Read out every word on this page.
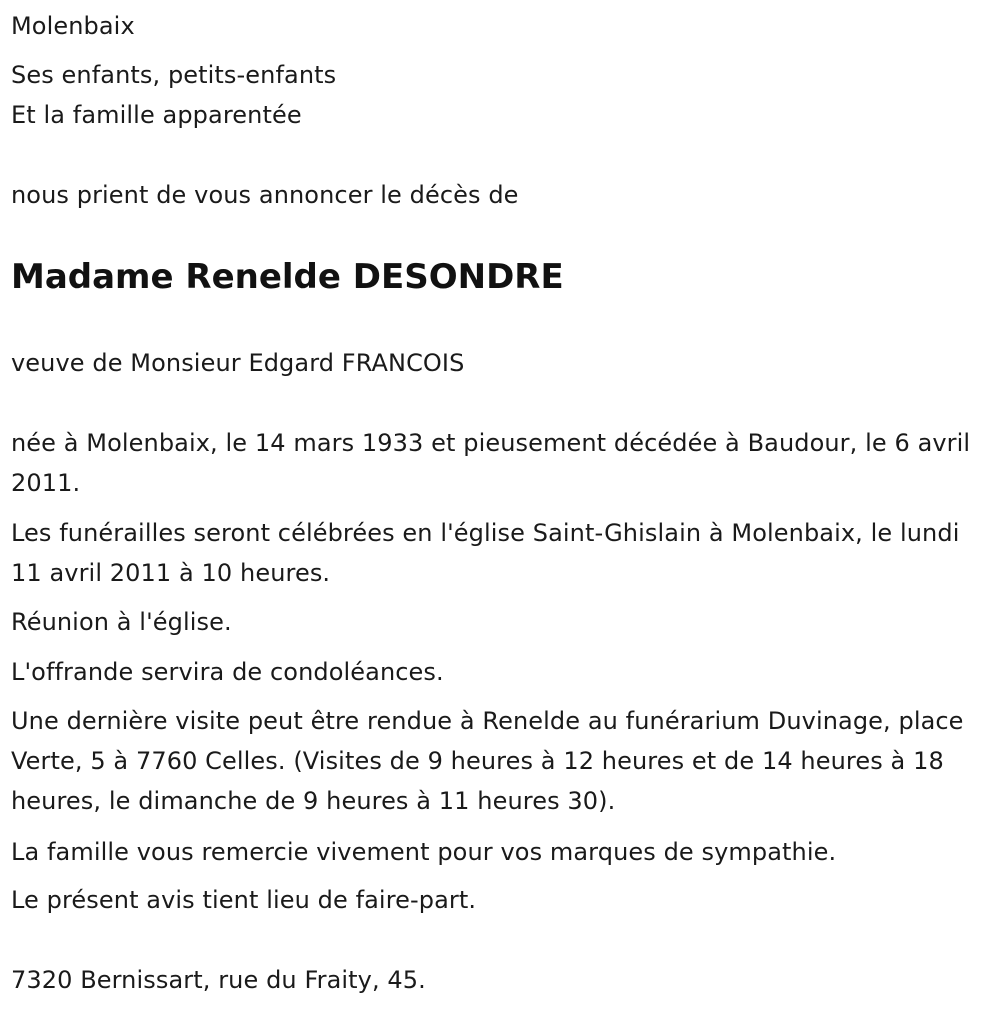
Molenbaix

Ses enfants, petits-enfants

Et la famille apparentée

nous prient de vous annoncer le décès de

Madame Renelde DESONDRE

veuve de Monsieur Edgard FRANCOIS

née à Molenbaix, le 14 mars 1933 et pieusement décédée à Baudour, le 6 avril 2011.

Les funérailles seront célébrées en l'église Saint-Ghislain à Molenbaix, le lundi 11 avril 2011 à 10 heures.

Réunion à l'église.

L'offrande servira de condoléances.

Une dernière visite peut être rendue à Renelde au funérarium Duvinage, place Verte, 5 à 7760 Celles. (Visites de 9 heures à 12 heures et de 14 heures à 18 heures, le dimanche de 9 heures à 11 heures 30).

La famille vous remercie vivement pour vos marques de sympathie.

Le présent avis tient lieu de faire-part.

7320 Bernissart, rue du Fraity, 45.
